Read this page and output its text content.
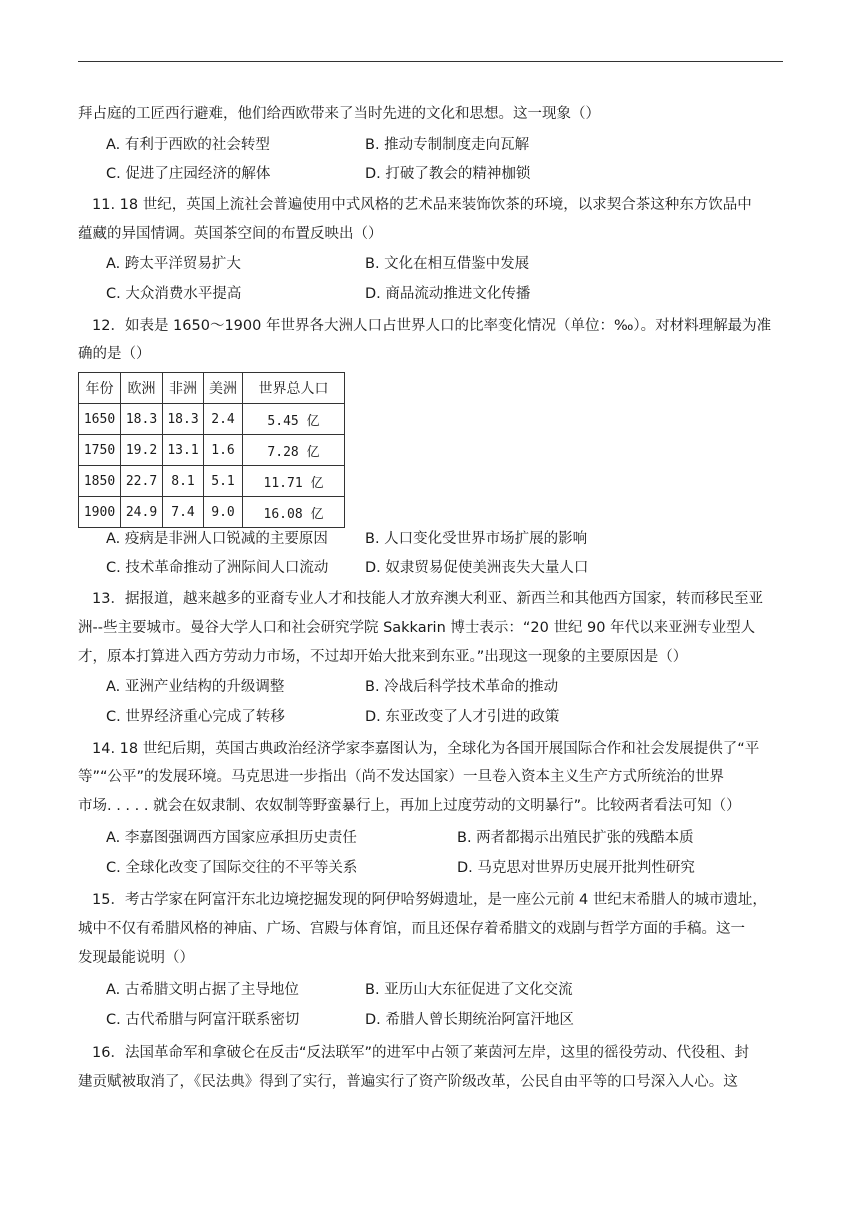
拜占庭的工匠西行避难，他们给西欧带来了当时先进的文化和思想。这一现象（）
A. 有利于西欧的社会转型	B. 推动专制制度走向瓦解
C. 促进了庄园经济的解体	D. 打破了教会的精神枷锁
11. 18 世纪，英国上流社会普遍使用中式风格的艺术品来装饰饮茶的环境，以求契合茶这种东方饮品中
蕴藏的异国情调。英国茶空间的布置反映出（）
A. 跨太平洋贸易扩大	B. 文化在相互借鉴中发展
C. 大众消费水平提高	D. 商品流动推进文化传播
12．如表是 1650～1900 年世界各大洲人口占世界人口的比率变化情况（单位：‰）。对材料理解最为准
确的是（）
年份	欧洲	非洲	美洲	世界总人口
1650	18.3	18.3	2.4	5.45 亿
1750	19.2	13.1	1.6	7.28 亿
1850	22.7	8.1	5.1	11.71 亿
1900	24.9	7.4	9.0	16.08 亿
A. 疫病是非洲人口锐减的主要原因	B. 人口变化受世界市场扩展的影响
C. 技术革命推动了洲际间人口流动	D. 奴隶贸易促使美洲丧失大量人口
13．据报道，越来越多的亚裔专业人才和技能人才放弃澳大利亚、新西兰和其他西方国家，转而移民至亚
洲--些主要城市。曼谷大学人口和社会研究学院 Sakkarin 博士表示：“20 世纪 90 年代以来亚洲专业型人
才，原本打算进入西方劳动力市场，不过却开始大批来到东亚。”出现这一现象的主要原因是（）
A. 亚洲产业结构的升级调整	B. 冷战后科学技术革命的推动
C. 世界经济重心完成了转移	D. 东亚改变了人才引进的政策
14. 18 世纪后期，英国古典政治经济学家李嘉图认为，全球化为各国开展国际合作和社会发展提供了“平
等”“公平”的发展环境。马克思进一步指出（尚不发达国家）一旦卷入资本主义生产方式所统治的世界
市场. . . . . 就会在奴隶制、农奴制等野蛮暴行上，再加上过度劳动的文明暴行”。比较两者看法可知（）
A. 李嘉图强调西方国家应承担历史责任	B. 两者都揭示出殖民扩张的残酷本质
C. 全球化改变了国际交往的不平等关系	D. 马克思对世界历史展开批判性研究
15．考古学家在阿富汗东北边境挖掘发现的阿伊哈努姆遗址，是一座公元前 4 世纪末希腊人的城市遗址，
城中不仅有希腊风格的神庙、广场、宫殿与体育馆，而且还保存着希腊文的戏剧与哲学方面的手稿。这一
发现最能说明（）
A. 古希腊文明占据了主导地位	B. 亚历山大东征促进了文化交流
C. 古代希腊与阿富汗联系密切	D. 希腊人曾长期统治阿富汗地区
16．法国革命军和拿破仑在反击“反法联军”的进军中占领了莱茵河左岸，这里的徭役劳动、代役租、封
建贡赋被取消了，《民法典》得到了实行，普遍实行了资产阶级改革，公民自由平等的口号深入人心。这
